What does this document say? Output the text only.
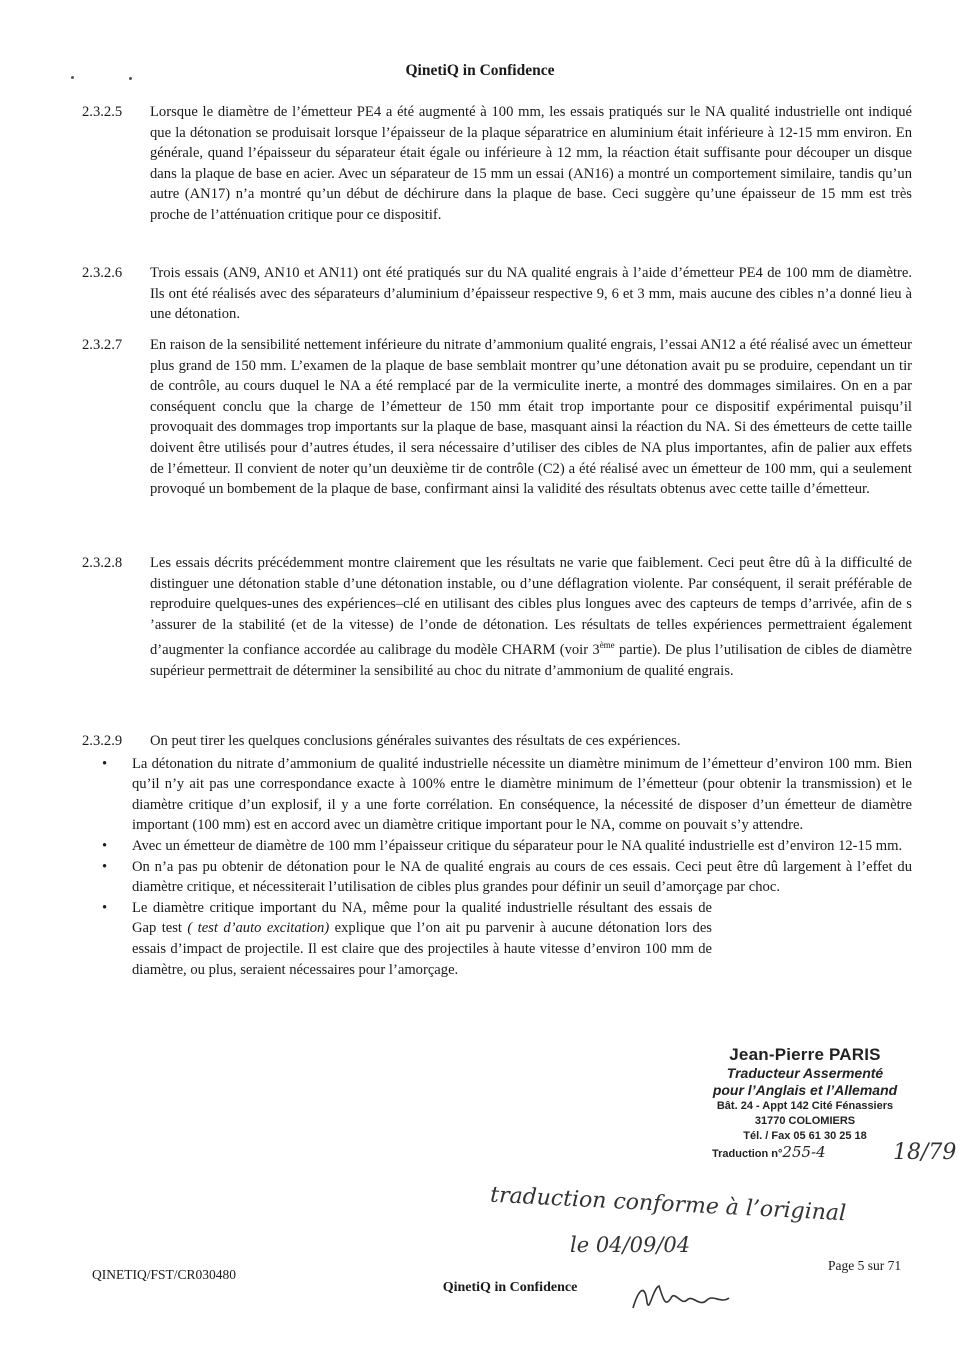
QinetiQ in Confidence
2.3.2.5	Lorsque le diamètre de l’émetteur PE4 a été augmenté à 100 mm, les essais pratiqués sur le NA qualité industrielle ont indiqué que la détonation se produisait lorsque l’épaisseur de la plaque séparatrice en aluminium était inférieure à 12-15 mm environ. En générale, quand l’épaisseur du séparateur était égale ou inférieure à 12 mm, la réaction était suffisante pour découper un disque dans la plaque de base en acier. Avec un séparateur de 15 mm un essai (AN16) a montré un comportement similaire, tandis qu’un autre (AN17) n’a montré qu’un début de déchirure dans la plaque de base. Ceci suggère qu’une épaisseur de 15 mm est très proche de l’atténuation critique pour ce dispositif.
2.3.2.6	Trois essais (AN9, AN10 et AN11) ont été pratiqués sur du NA qualité engrais à l’aide d’émetteur PE4 de 100 mm de diamètre. Ils ont été réalisés avec des séparateurs d’aluminium d’épaisseur respective 9, 6 et 3 mm, mais aucune des cibles n’a donné lieu à une détonation.
2.3.2.7	En raison de la sensibilité nettement inférieure du nitrate d’ammonium qualité engrais, l’essai AN12 a été réalisé avec un émetteur plus grand de 150 mm. L’examen de la plaque de base semblait montrer qu’une détonation avait pu se produire, cependant un tir de contrôle, au cours duquel le NA a été remplacé par de la vermiculite inerte, a montré des dommages similaires. On en a par conséquent conclu que la charge de l’émetteur de 150 mm était trop importante pour ce dispositif expérimental puisqu’il provoquait des dommages trop importants sur la plaque de base, masquant ainsi la réaction du NA. Si des émetteurs de cette taille doivent être utilisés pour d’autres études, il sera nécessaire d’utiliser des cibles de NA plus importantes, afin de palier aux effets de l’émetteur. Il convient de noter qu’un deuxième tir de contrôle (C2) a été réalisé avec un émetteur de 100 mm, qui a seulement provoqué un bombement de la plaque de base, confirmant ainsi la validité des résultats obtenus avec cette taille d’émetteur.
2.3.2.8	Les essais décrits précédemment montre clairement que les résultats ne varie que faiblement. Ceci peut être dû à la difficulté de distinguer une détonation stable d’une détonation instable, ou d’une déflagration violente. Par conséquent, il serait préférable de reproduire quelques-unes des expériences–clé en utilisant des cibles plus longues avec des capteurs de temps d’arrivée, afin de s ’assurer de la stabilité (et de la vitesse) de l’onde de détonation. Les résultats de telles expériences permettraient également d’augmenter la confiance accordée au calibrage du modèle CHARM (voir 3ème partie). De plus l’utilisation de cibles de diamètre supérieur permettrait de déterminer la sensibilité au choc du nitrate d’ammonium de qualité engrais.
2.3.2.9	On peut tirer les quelques conclusions générales suivantes des résultats de ces expériences.
• La détonation du nitrate d’ammonium de qualité industrielle nécessite un diamètre minimum de l’émetteur d’environ 100 mm. Bien qu’il n’y ait pas une correspondance exacte à 100% entre le diamètre minimum de l’émetteur (pour obtenir la transmission) et le diamètre critique d’un explosif, il y a une forte corrélation. En conséquence, la nécessité de disposer d’un émetteur de diamètre important (100 mm) est en accord avec un diamètre critique important pour le NA, comme on pouvait s’y attendre.
• Avec un émetteur de diamètre de 100 mm l’épaisseur critique du séparateur pour le NA qualité industrielle est d’environ 12-15 mm.
• On n’a pas pu obtenir de détonation pour le NA de qualité engrais au cours de ces essais. Ceci peut être dû largement à l’effet du diamètre critique, et nécessiterait l’utilisation de cibles plus grandes pour définir un seuil d’amorçage par choc.
• Le diamètre critique important du NA, même pour la qualité industrielle résultant des essais de Gap test ( test d’auto excitation) explique que l’on ait pu parvenir à aucune détonation lors des essais d’impact de projectile. Il est claire que des projectiles à haute vitesse d’environ 100 mm de diamètre, ou plus, seraient nécessaires pour l’amorçage.
Jean-Pierre PARIS
Traducteur Assermenté
pour l’Anglais et l’Allemand
Bât. 24 - Appt 142 Cité Fénassiers
31770 COLOMIERS
Tél. / Fax 05 61 30 25 18
Traduction n°255-4	18/79
traduction conforme à l’original
le 04/09/04
QINETIQ/FST/CR030480
Page 5 sur 71
QinetiQ in Confidence
